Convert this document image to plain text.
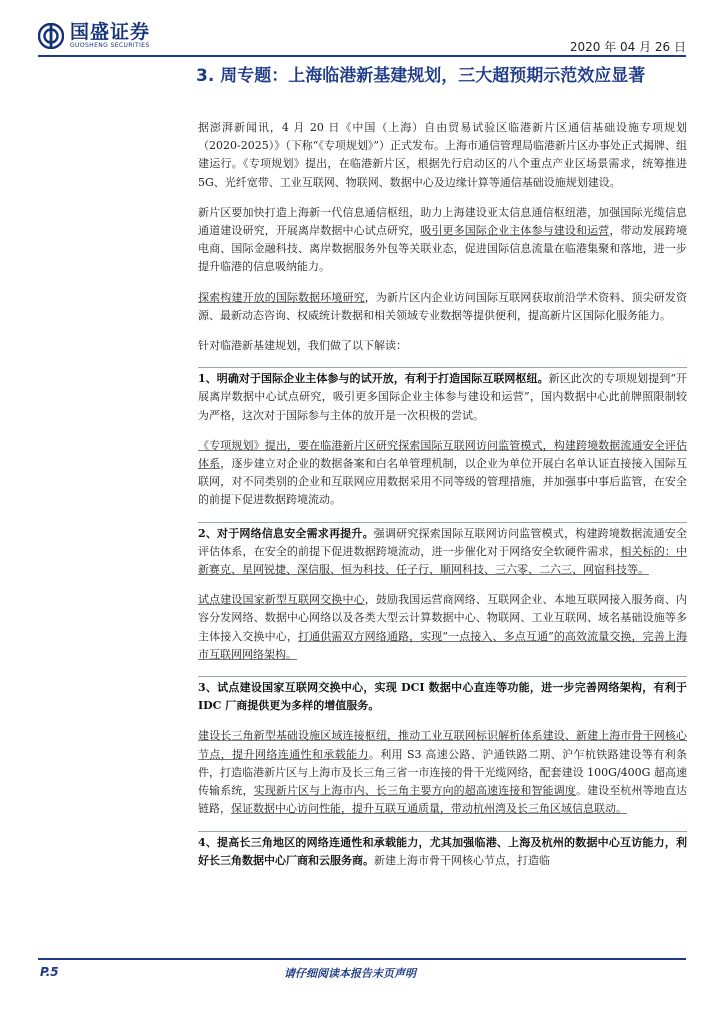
国盛证券
GUOSHENG SECURITIES	2020 年 04 月 26 日
3. 周专题：上海临港新基建规划，三大超预期示范效应显著

据澎湃新闻讯，4 月 20 日《中国（上海）自由贸易试验区临港新片区通信基础设施专项规划（2020-2025）》（下称“《专项规划》”）正式发布。上海市通信管理局临港新片区办事处正式揭牌、组建运行。《专项规划》提出，在临港新片区，根据先行启动区的八个重点产业区场景需求，统筹推进 5G、光纤宽带、工业互联网、物联网、数据中心及边缘计算等通信基础设施规划建设。

新片区要加快打造上海新一代信息通信枢纽，助力上海建设亚太信息通信枢纽港，加强国际光缆信息通道建设研究，开展离岸数据中心试点研究，吸引更多国际企业主体参与建设和运营，带动发展跨境电商、国际金融科技、离岸数据服务外包等关联业态，促进国际信息流量在临港集聚和落地，进一步提升临港的信息吸纳能力。

探索构建开放的国际数据环境研究，为新片区内企业访问国际互联网获取前沿学术资料、顶尖研发资源、最新动态咨询、权威统计数据和相关领域专业数据等提供便利，提高新片区国际化服务能力。

针对临港新基建规划，我们做了以下解读：

1、明确对于国际企业主体参与的试开放，有利于打造国际互联网枢纽。新区此次的专项规划提到“开展离岸数据中心试点研究，吸引更多国际企业主体参与建设和运营”，国内数据中心此前牌照限制较为严格，这次对于国际参与主体的放开是一次积极的尝试。

《专项规划》提出，要在临港新片区研究探索国际互联网访问监管模式，构建跨境数据流通安全评估体系，逐步建立对企业的数据备案和白名单管理机制，以企业为单位开展白名单认证直接接入国际互联网，对不同类别的企业和互联网应用数据采用不同等级的管理措施，并加强事中事后监管，在安全的前提下促进数据跨境流动。

2、对于网络信息安全需求再提升。强调研究探索国际互联网访问监管模式，构建跨境数据流通安全评估体系，在安全的前提下促进数据跨境流动，进一步催化对于网络安全软硬件需求，相关标的：中新赛克、星网锐捷、深信服、恒为科技、任子行、顺网科技、三六零、二六三、网宿科技等。

试点建设国家新型互联网交换中心，鼓励我国运营商网络、互联网企业、本地互联网接入服务商、内容分发网络、数据中心网络以及各类大型云计算数据中心、物联网、工业互联网、域名基础设施等多主体接入交换中心，打通供需双方网络通路，实现“一点接入、多点互通”的高效流量交换，完善上海市互联网网络架构。

3、试点建设国家互联网交换中心，实现 DCI 数据中心直连等功能，进一步完善网络架构，有利于 IDC 厂商提供更为多样的增值服务。

建设长三角新型基础设施区域连接枢纽，推动工业互联网标识解析体系建设、新建上海市骨干网核心节点，提升网络连通性和承载能力。利用 S3 高速公路、沪通铁路二期、沪乍杭铁路建设等有利条件，打造临港新片区与上海市及长三角三省一市连接的骨干光缆网络，配套建设 100G/400G 超高速传输系统，实现新片区与上海市内、长三角主要方向的超高速连接和智能调度。建设至杭州等地直达链路，保证数据中心访问性能，提升互联互通质量，带动杭州湾及长三角区域信息联动。

4、提高长三角地区的网络连通性和承载能力，尤其加强临港、上海及杭州的数据中心互访能力，利好长三角数据中心厂商和云服务商。新建上海市骨干网核心节点，打造临

P.5	请仔细阅读本报告末页声明
